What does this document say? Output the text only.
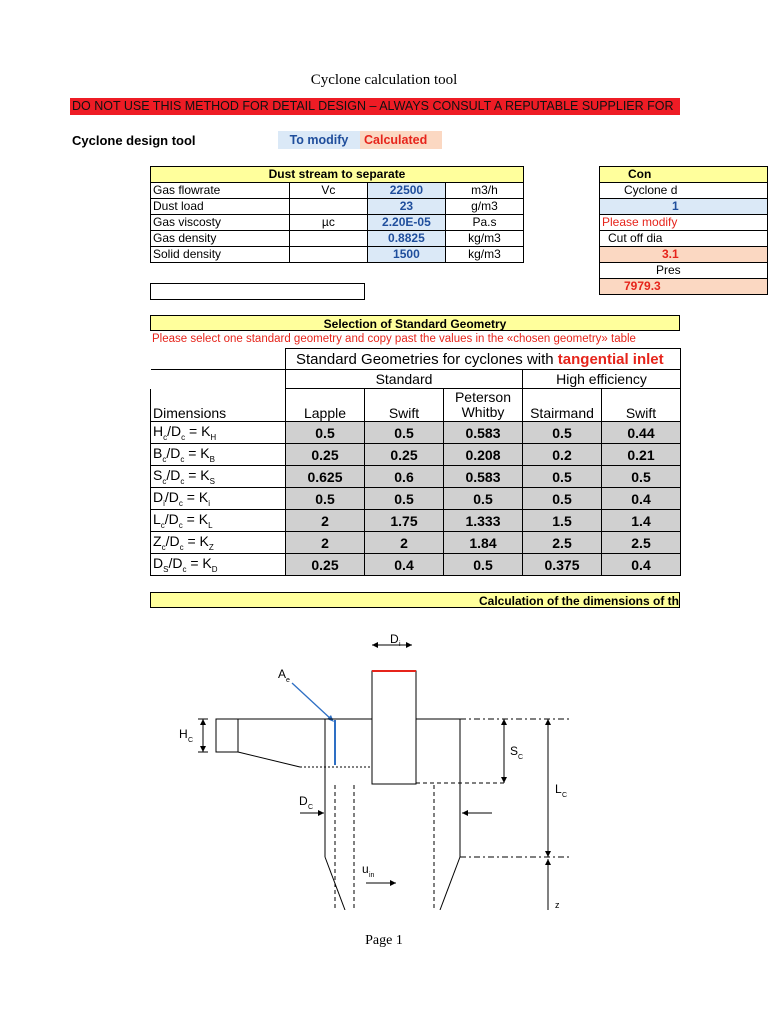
Cyclone calculation tool
DO NOT USE THIS METHOD FOR DETAIL DESIGN – ALWAYS CONSULT A REPUTABLE SUPPLIER FOR
Cyclone design tool	To modify	Calculated
Dust stream to separate			
Gas flowrate	Vc	22500	m3/h
Dust load		23	g/m3
Gas viscosty	µc	2.20E-05	Pa.s
Gas density		0.8825	kg/m3
Solid density		1500	kg/m3
Con
Cyclone d
1
Please modify
Cut off dia
3.1
Pres
7979.3
Selection of Standard Geometry
Please select one standard geometry and copy past the values in the «chosen geometry» table
	Standard Geometries for cyclones with tangential inlet				
	Standard			High efficiency	
Dimensions	Lapple	Swift	Peterson Whitby	Stairmand	Swift
$H_c/D_c = K_H$	0.5	0.5	0.583	0.5	0.44
$B_c/D_c = K_B$	0.25	0.25	0.208	0.2	0.21
$S_c/D_c = K_S$	0.625	0.6	0.583	0.5	0.5
$D_i/D_c = K_i$	0.5	0.5	0.5	0.5	0.4
$L_c/D_c = K_L$	2	1.75	1.333	1.5	1.4
$Z_c/D_c = K_Z$	2	2	1.84	2.5	2.5
$D_S/D_c = K_D$	0.25	0.4	0.5	0.375	0.4
Calculation of the dimensions of th
D i
A e
H C
S C
L C
D C
u in
z
Page 1
